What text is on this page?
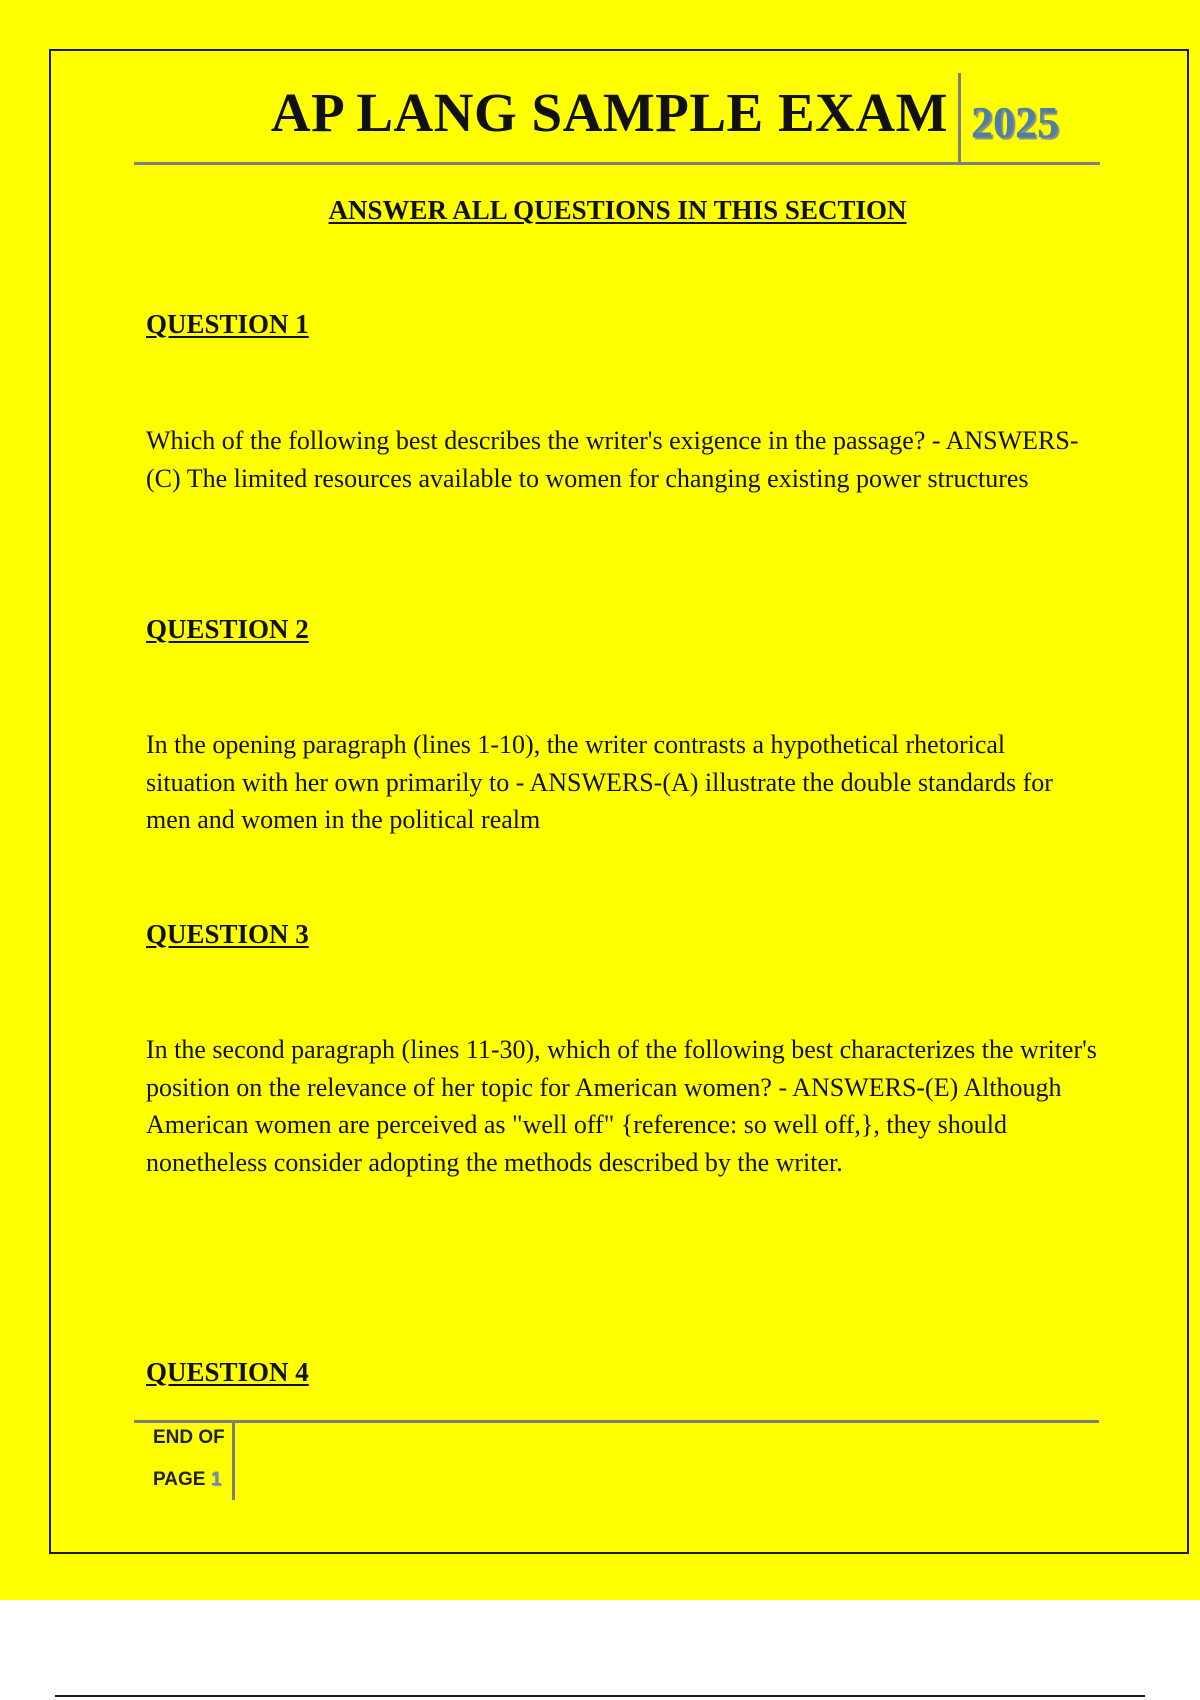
AP LANG SAMPLE EXAM 2025
ANSWER ALL QUESTIONS IN THIS SECTION
QUESTION 1
Which of the following best describes the writer's exigence in the passage? - ANSWERS-(C) The limited resources available to women for changing existing power structures
QUESTION 2
In the opening paragraph (lines 1-10), the writer contrasts a hypothetical rhetorical situation with her own primarily to - ANSWERS-(A) illustrate the double standards for men and women in the political realm
QUESTION 3
In the second paragraph (lines 11-30), which of the following best characterizes the writer's position on the relevance of her topic for American women? - ANSWERS-(E) Although American women are perceived as "well off" {reference: so well off,}, they should nonetheless consider adopting the methods described by the writer.
QUESTION 4
END OF
PAGE 1
